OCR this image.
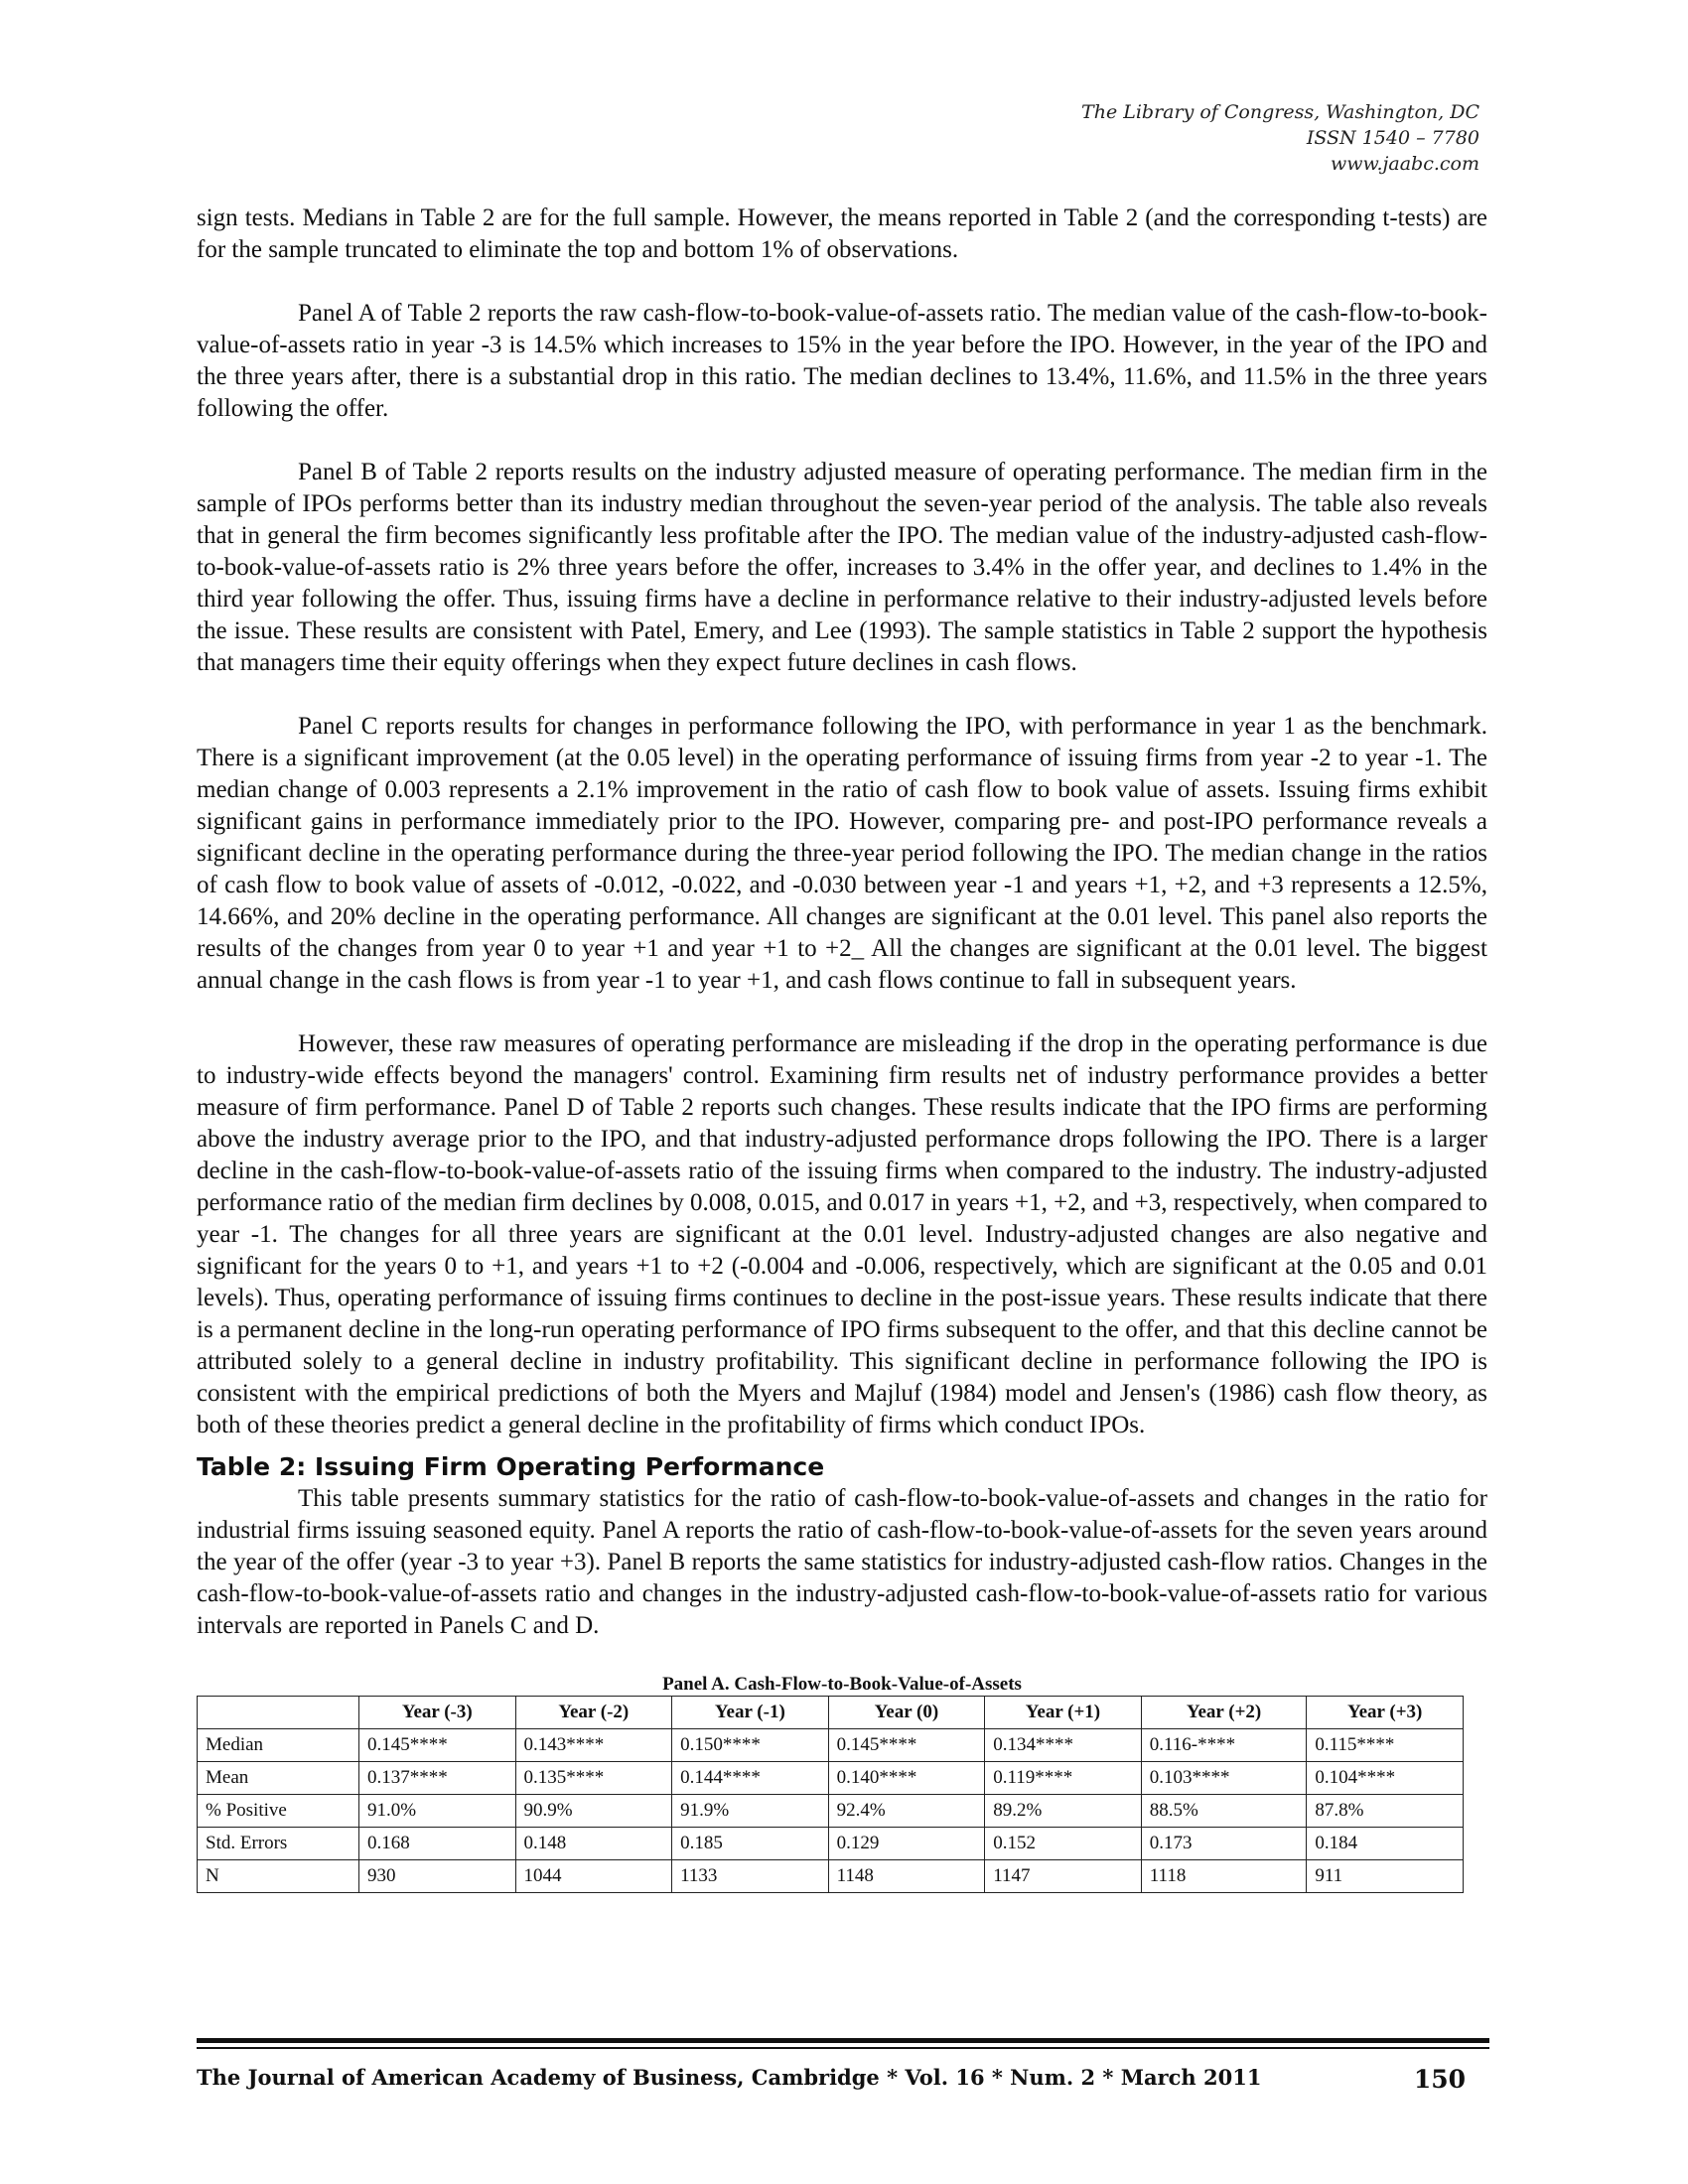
The Library of Congress, Washington, DC
ISSN 1540 – 7780
www.jaabc.com

sign tests. Medians in Table 2 are for the full sample. However, the means reported in Table 2 (and the corresponding t-tests) are for the sample truncated to eliminate the top and bottom 1% of observations.

Panel A of Table 2 reports the raw cash-flow-to-book-value-of-assets ratio. The median value of the cash-flow-to-book-value-of-assets ratio in year -3 is 14.5% which increases to 15% in the year before the IPO. However, in the year of the IPO and the three years after, there is a substantial drop in this ratio. The median declines to 13.4%, 11.6%, and 11.5% in the three years following the offer.

Panel B of Table 2 reports results on the industry adjusted measure of operating performance. The median firm in the sample of IPOs performs better than its industry median throughout the seven-year period of the analysis. The table also reveals that in general the firm becomes significantly less profitable after the IPO. The median value of the industry-adjusted cash-flow-to-book-value-of-assets ratio is 2% three years before the offer, increases to 3.4% in the offer year, and declines to 1.4% in the third year following the offer. Thus, issuing firms have a decline in performance relative to their industry-adjusted levels before the issue. These results are consistent with Patel, Emery, and Lee (1993). The sample statistics in Table 2 support the hypothesis that managers time their equity offerings when they expect future declines in cash flows.

Panel C reports results for changes in performance following the IPO, with performance in year 1 as the benchmark. There is a significant improvement (at the 0.05 level) in the operating performance of issuing firms from year -2 to year -1. The median change of 0.003 represents a 2.1% improvement in the ratio of cash flow to book value of assets. Issuing firms exhibit significant gains in performance immediately prior to the IPO. However, comparing pre- and post-IPO performance reveals a significant decline in the operating performance during the three-year period following the IPO. The median change in the ratios of cash flow to book value of assets of -0.012, -0.022, and -0.030 between year -1 and years +1, +2, and +3 represents a 12.5%, 14.66%, and 20% decline in the operating performance. All changes are significant at the 0.01 level. This panel also reports the results of the changes from year 0 to year +1 and year +1 to +2_ All the changes are significant at the 0.01 level. The biggest annual change in the cash flows is from year -1 to year +1, and cash flows continue to fall in subsequent years.

However, these raw measures of operating performance are misleading if the drop in the operating performance is due to industry-wide effects beyond the managers' control. Examining firm results net of industry performance provides a better measure of firm performance. Panel D of Table 2 reports such changes. These results indicate that the IPO firms are performing above the industry average prior to the IPO, and that industry-adjusted performance drops following the IPO. There is a larger decline in the cash-flow-to-book-value-of-assets ratio of the issuing firms when compared to the industry. The industry-adjusted performance ratio of the median firm declines by 0.008, 0.015, and 0.017 in years +1, +2, and +3, respectively, when compared to year -1. The changes for all three years are significant at the 0.01 level. Industry-adjusted changes are also negative and significant for the years 0 to +1, and years +1 to +2 (-0.004 and -0.006, respectively, which are significant at the 0.05 and 0.01 levels). Thus, operating performance of issuing firms continues to decline in the post-issue years. These results indicate that there is a permanent decline in the long-run operating performance of IPO firms subsequent to the offer, and that this decline cannot be attributed solely to a general decline in industry profitability. This significant decline in performance following the IPO is consistent with the empirical predictions of both the Myers and Majluf (1984) model and Jensen's (1986) cash flow theory, as both of these theories predict a general decline in the profitability of firms which conduct IPOs.

Table 2: Issuing Firm Operating Performance

This table presents summary statistics for the ratio of cash-flow-to-book-value-of-assets and changes in the ratio for industrial firms issuing seasoned equity. Panel A reports the ratio of cash-flow-to-book-value-of-assets for the seven years around the year of the offer (year -3 to year +3). Panel B reports the same statistics for industry-adjusted cash-flow ratios. Changes in the cash-flow-to-book-value-of-assets ratio and changes in the industry-adjusted cash-flow-to-book-value-of-assets ratio for various intervals are reported in Panels C and D.

Panel A. Cash-Flow-to-Book-Value-of-Assets
	Year (-3)	Year (-2)	Year (-1)	Year (0)	Year (+1)	Year (+2)	Year (+3)
Median	0.145****	0.143****	0.150****	0.145****	0.134****	0.116-****	0.115****
Mean	0.137****	0.135****	0.144****	0.140****	0.119****	0.103****	0.104****
% Positive	91.0%	90.9%	91.9%	92.4%	89.2%	88.5%	87.8%
Std. Errors	0.168	0.148	0.185	0.129	0.152	0.173	0.184
N	930	1044	1133	1148	1147	1118	911
The Journal of American Academy of Business, Cambridge * Vol. 16 * Num. 2 * March 2011	150
